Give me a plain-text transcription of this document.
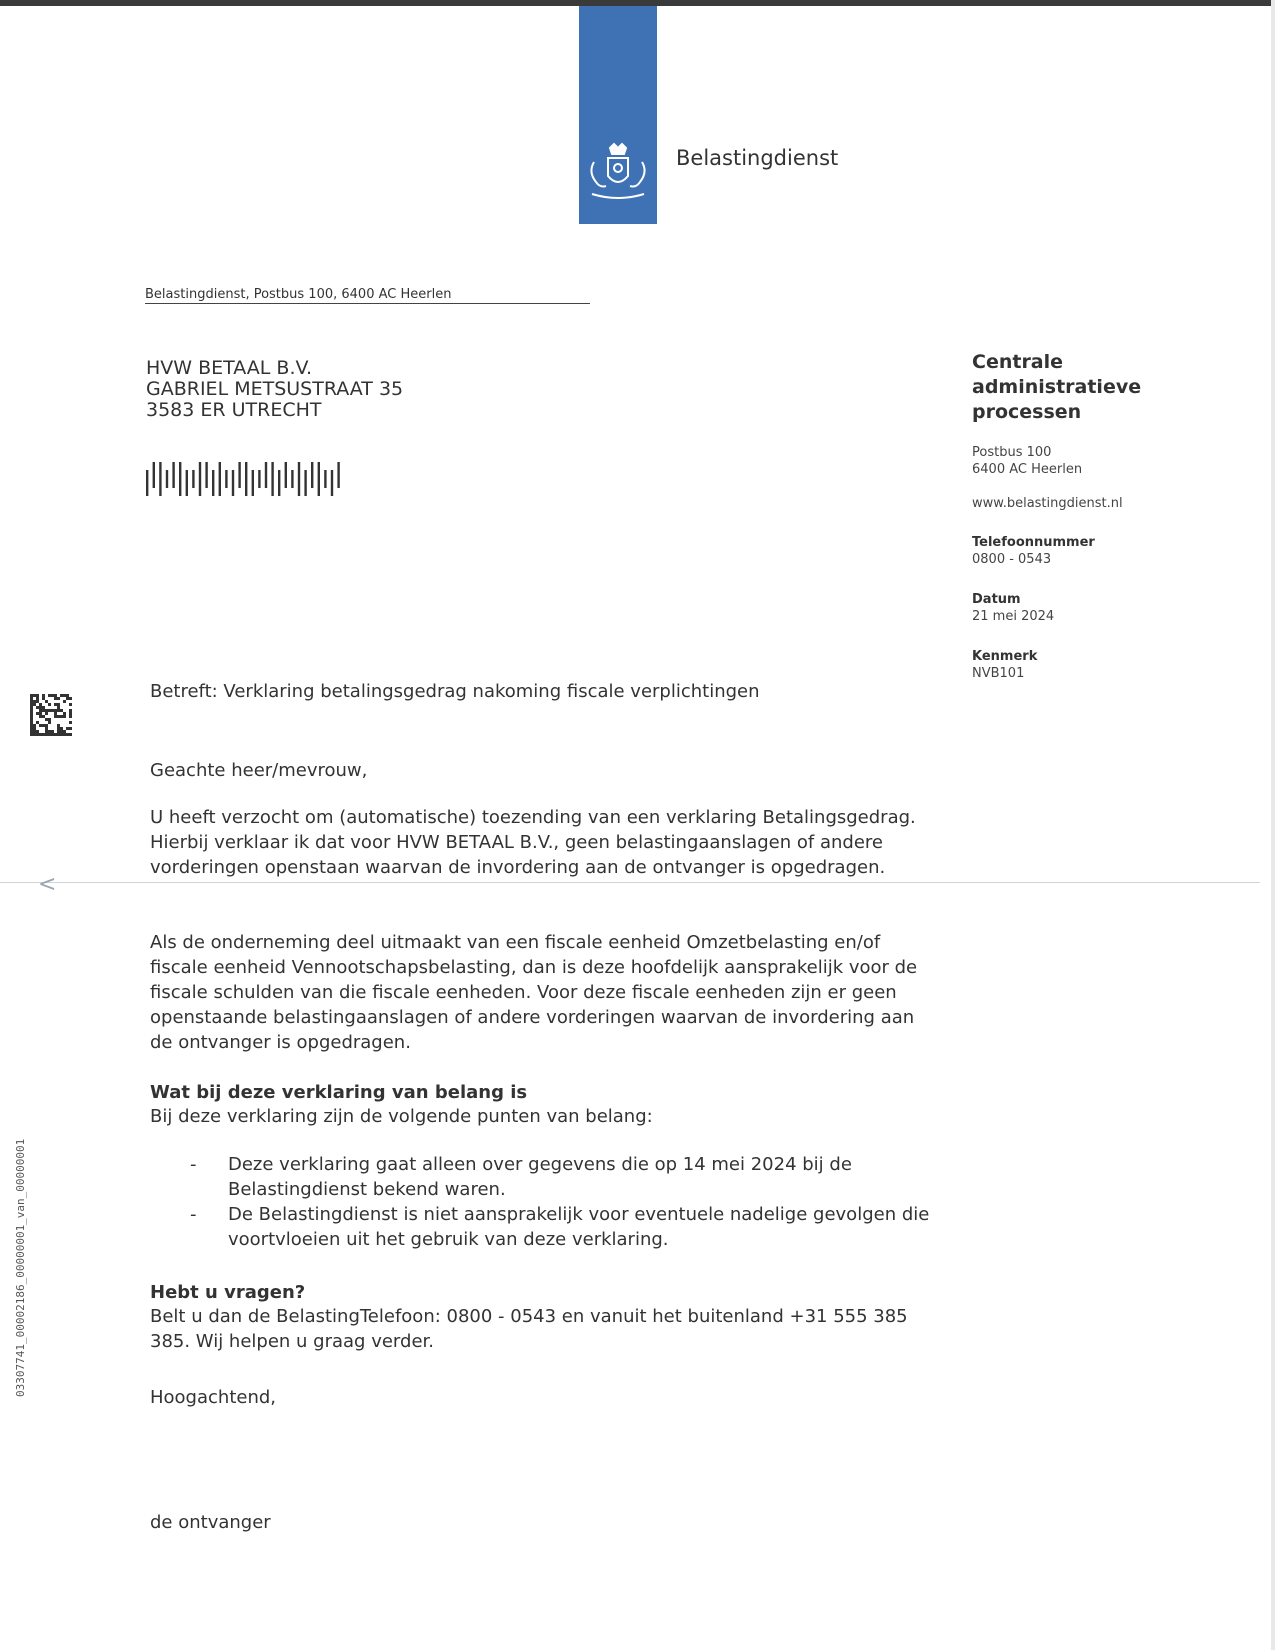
Belastingdienst
Belastingdienst, Postbus 100, 6400 AC Heerlen
HVW BETAAL B.V.
GABRIEL METSUSTRAAT 35
3583 ER UTRECHT
Centrale
administratieve
processen
Postbus 100
6400 AC Heerlen
www.belastingdienst.nl
Telefoonnummer
0800 - 0543
Datum
21 mei 2024
Kenmerk
NVB101
03307741_00002186_00000001_van_00000001
<
Betreft: Verklaring betalingsgedrag nakoming fiscale verplichtingen
Geachte heer/mevrouw,
U heeft verzocht om (automatische) toezending van een verklaring Betalingsgedrag. Hierbij verklaar ik dat voor HVW BETAAL B.V., geen belastingaanslagen of andere vorderingen openstaan waarvan de invordering aan de ontvanger is opgedragen.
Als de onderneming deel uitmaakt van een fiscale eenheid Omzetbelasting en/of fiscale eenheid Vennootschapsbelasting, dan is deze hoofdelijk aansprakelijk voor de fiscale schulden van die fiscale eenheden. Voor deze fiscale eenheden zijn er geen openstaande belastingaanslagen of andere vorderingen waarvan de invordering aan de ontvanger is opgedragen.
Wat bij deze verklaring van belang is
Bij deze verklaring zijn de volgende punten van belang:
- Deze verklaring gaat alleen over gegevens die op 14 mei 2024 bij de Belastingdienst bekend waren.
- De Belastingdienst is niet aansprakelijk voor eventuele nadelige gevolgen die voortvloeien uit het gebruik van deze verklaring.
Hebt u vragen?
Belt u dan de BelastingTelefoon: 0800 - 0543 en vanuit het buitenland +31 555 385 385. Wij helpen u graag verder.
Hoogachtend,
de ontvanger
